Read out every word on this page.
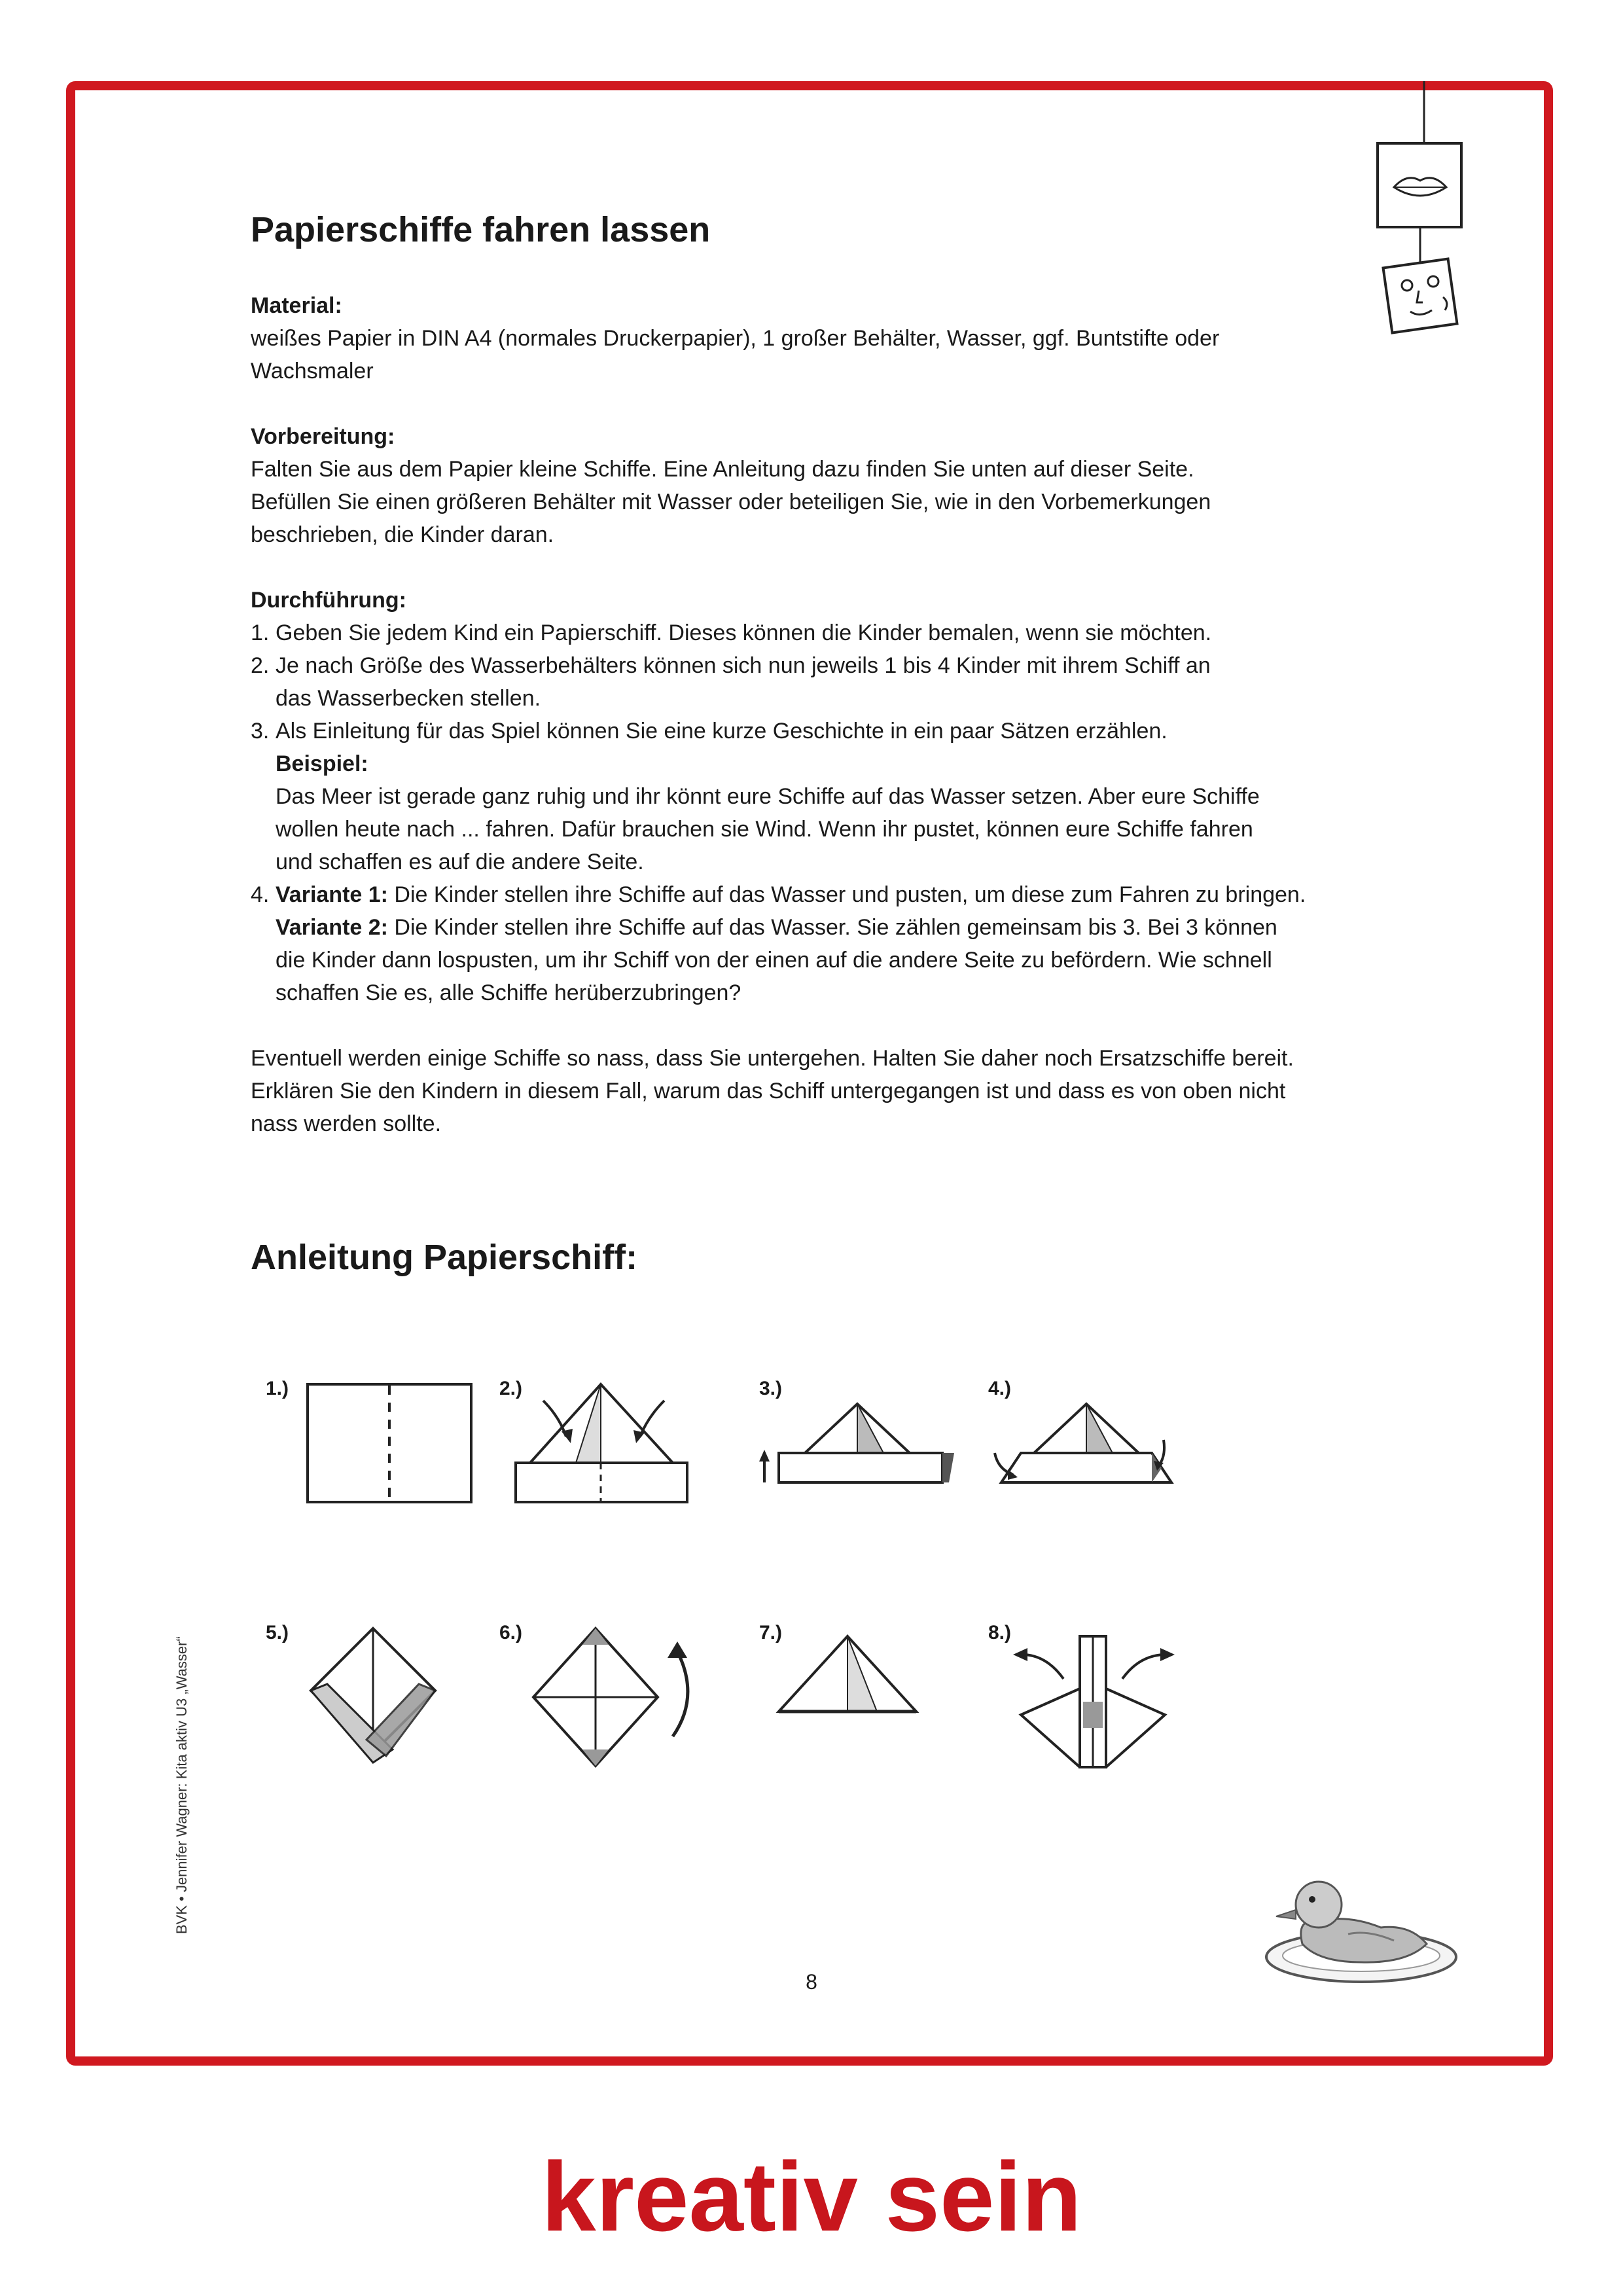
Papierschiffe fahren lassen
Material:
weißes Papier in DIN A4 (normales Druckerpapier), 1 großer Behälter, Wasser, ggf. Buntstifte oder
Wachsmaler
Vorbereitung:
Falten Sie aus dem Papier kleine Schiffe. Eine Anleitung dazu finden Sie unten auf dieser Seite.
Befüllen Sie einen größeren Behälter mit Wasser oder beteiligen Sie, wie in den Vorbemerkungen
beschrieben, die Kinder daran.
Durchführung:
1. Geben Sie jedem Kind ein Papierschiff. Dieses können die Kinder bemalen, wenn sie möchten.
2. Je nach Größe des Wasserbehälters können sich nun jeweils 1 bis 4 Kinder mit ihrem Schiff an
das Wasserbecken stellen.
3. Als Einleitung für das Spiel können Sie eine kurze Geschichte in ein paar Sätzen erzählen.
Beispiel:
Das Meer ist gerade ganz ruhig und ihr könnt eure Schiffe auf das Wasser setzen. Aber eure Schiffe
wollen heute nach ... fahren. Dafür brauchen sie Wind. Wenn ihr pustet, können eure Schiffe fahren
und schaffen es auf die andere Seite.
4. Variante 1: Die Kinder stellen ihre Schiffe auf das Wasser und pusten, um diese zum Fahren zu bringen.
Variante 2: Die Kinder stellen ihre Schiffe auf das Wasser. Sie zählen gemeinsam bis 3. Bei 3 können
die Kinder dann lospusten, um ihr Schiff von der einen auf die andere Seite zu befördern. Wie schnell
schaffen Sie es, alle Schiffe herüberzubringen?
Eventuell werden einige Schiffe so nass, dass Sie untergehen. Halten Sie daher noch Ersatzschiffe bereit.
Erklären Sie den Kindern in diesem Fall, warum das Schiff untergegangen ist und dass es von oben nicht
nass werden sollte.
Anleitung Papierschiff:
1.)	2.)	3.)	4.)
5.)	6.)	7.)	8.)
BVK • Jennifer Wagner: Kita aktiv U3 „Wasser“
8
kreativ sein
